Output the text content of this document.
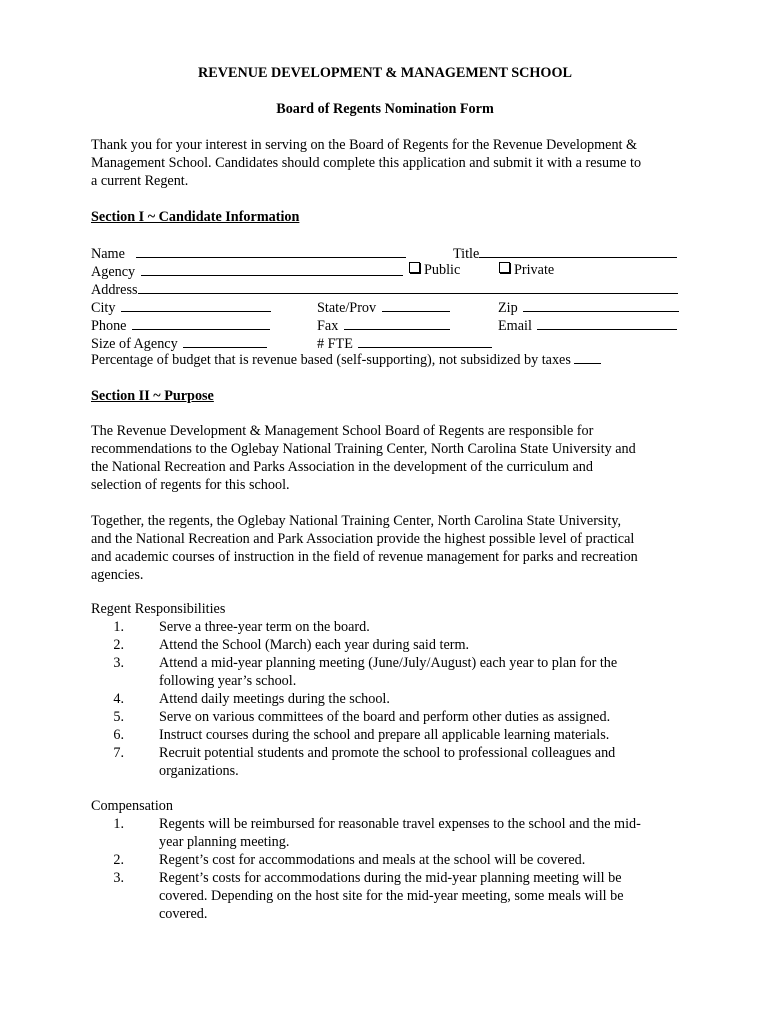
REVENUE DEVELOPMENT & MANAGEMENT SCHOOL
Board of Regents Nomination Form
Thank you for your interest in serving on the Board of Regents for the Revenue Development &
Management School. Candidates should complete this application and submit it with a resume to
a current Regent.
Section I ~ Candidate Information
Name	Title
Agency	Public	Private
Address
City	State/Prov	Zip
Phone	Fax	Email
Size of Agency	# FTE
Percentage of budget that is revenue based (self-supporting), not subsidized by taxes
Section II ~ Purpose
The Revenue Development & Management School Board of Regents are responsible for
recommendations to the Oglebay National Training Center, North Carolina State University and
the National Recreation and Parks Association in the development of the curriculum and
selection of regents for this school.
Together, the regents, the Oglebay National Training Center, North Carolina State University,
and the National Recreation and Park Association provide the highest possible level of practical
and academic courses of instruction in the field of revenue management for parks and recreation
agencies.
Regent Responsibilities
1. Serve a three-year term on the board.
2. Attend the School (March) each year during said term.
3. Attend a mid-year planning meeting (June/July/August) each year to plan for the
following year’s school.
4. Attend daily meetings during the school.
5. Serve on various committees of the board and perform other duties as assigned.
6. Instruct courses during the school and prepare all applicable learning materials.
7. Recruit potential students and promote the school to professional colleagues and
organizations.
Compensation
1. Regents will be reimbursed for reasonable travel expenses to the school and the mid-
year planning meeting.
2. Regent’s cost for accommodations and meals at the school will be covered.
3. Regent’s costs for accommodations during the mid-year planning meeting will be
covered. Depending on the host site for the mid-year meeting, some meals will be
covered.
